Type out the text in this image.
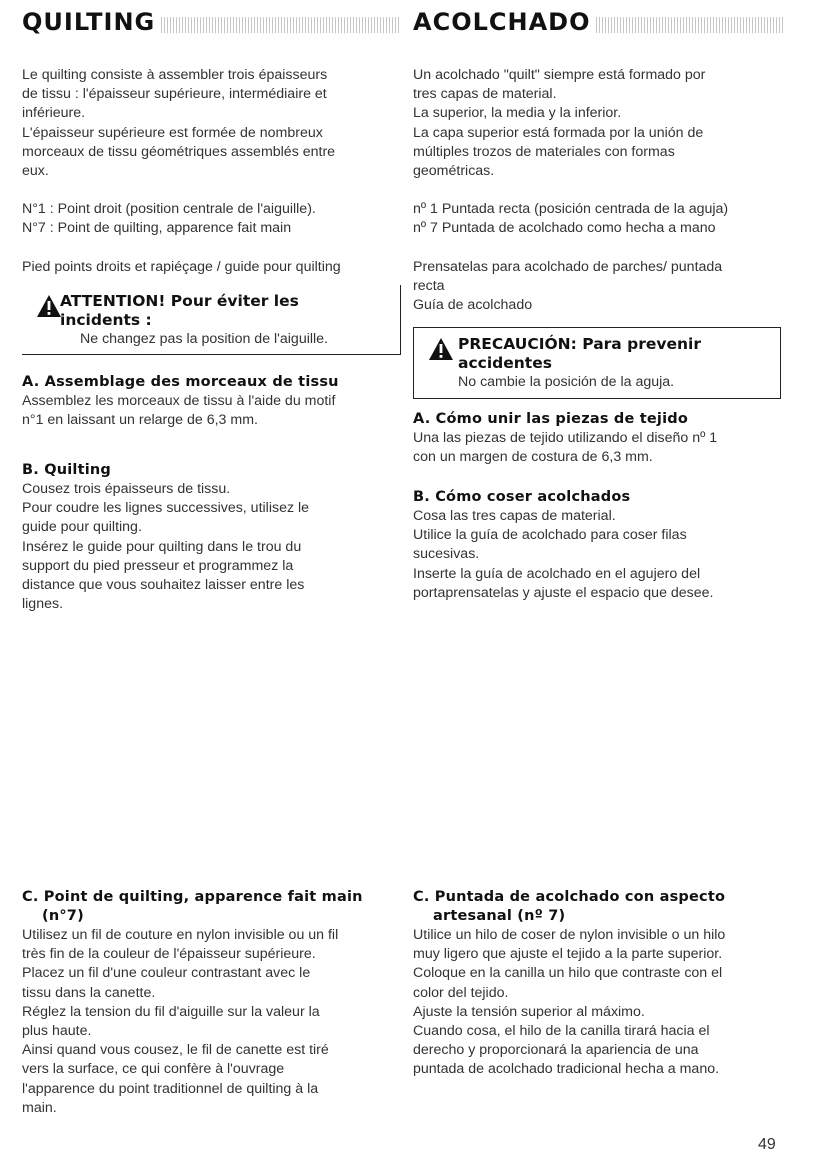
QUILTING	ACOLCHADO

Le quilting consiste à assembler trois épaisseurs

de tissu : l'épaisseur supérieure, intermédiaire et

inférieure.

L'épaisseur supérieure est formée de nombreux

morceaux de tissu géométriques assemblés entre

eux.

N°1 : Point droit (position centrale de l'aiguille).

N°7 : Point de quilting, apparence fait main

Pied points droits et rapiéçage / guide pour quilting

ATTENTION! Pour éviter les
incidents :
Ne changez pas la position de l'aiguille.
A. Assemblage des morceaux de tissu

Assemblez les morceaux de tissu à l'aide du motif

n°1 en laissant un relarge de 6,3 mm.

B. Quilting

Cousez trois épaisseurs de tissu.

Pour coudre les lignes successives, utilisez le

guide pour quilting.

Insérez le guide pour quilting dans le trou du

support du pied presseur et programmez la

distance que vous souhaitez laisser entre les

lignes.

C. Point de quilting, apparence fait main
(n°7)

Utilisez un fil de couture en nylon invisible ou un fil

très fin de la couleur de l'épaisseur supérieure.

Placez un fil d'une couleur contrastant avec le

tissu dans la canette.

Réglez la tension du fil d'aiguille sur la valeur la

plus haute.

Ainsi quand vous cousez, le fil de canette est tiré

vers la surface, ce qui confère à l'ouvrage

l'apparence du point traditionnel de quilting à la

main.

Un acolchado "quilt" siempre está formado por

tres capas de material.

La superior, la media y la inferior.

La capa superior está formada por la unión de

múltiples trozos de materiales con formas

geométricas.

nº 1 Puntada recta (posición centrada de la aguja)

nº 7 Puntada de acolchado como hecha a mano

Prensatelas para acolchado de parches/ puntada

recta

Guía de acolchado

PRECAUCIÓN: Para prevenir
accidentes
No cambie la posición de la aguja.
A. Cómo unir las piezas de tejido

Una las piezas de tejido utilizando el diseño nº 1

con un margen de costura de 6,3 mm.

B. Cómo coser acolchados

Cosa las tres capas de material.

Utilice la guía de acolchado para coser filas

sucesivas.

Inserte la guía de acolchado en el agujero del

portaprensatelas y ajuste el espacio que desee.

C. Puntada de acolchado con aspecto
artesanal (nº 7)

Utilice un hilo de coser de nylon invisible o un hilo

muy ligero que ajuste el tejido a la parte superior.

Coloque en la canilla un hilo que contraste con el

color del tejido.

Ajuste la tensión superior al máximo.

Cuando cosa, el hilo de la canilla tirará hacia el

derecho y proporcionará la apariencia de una

puntada de acolchado tradicional hecha a mano.

49
